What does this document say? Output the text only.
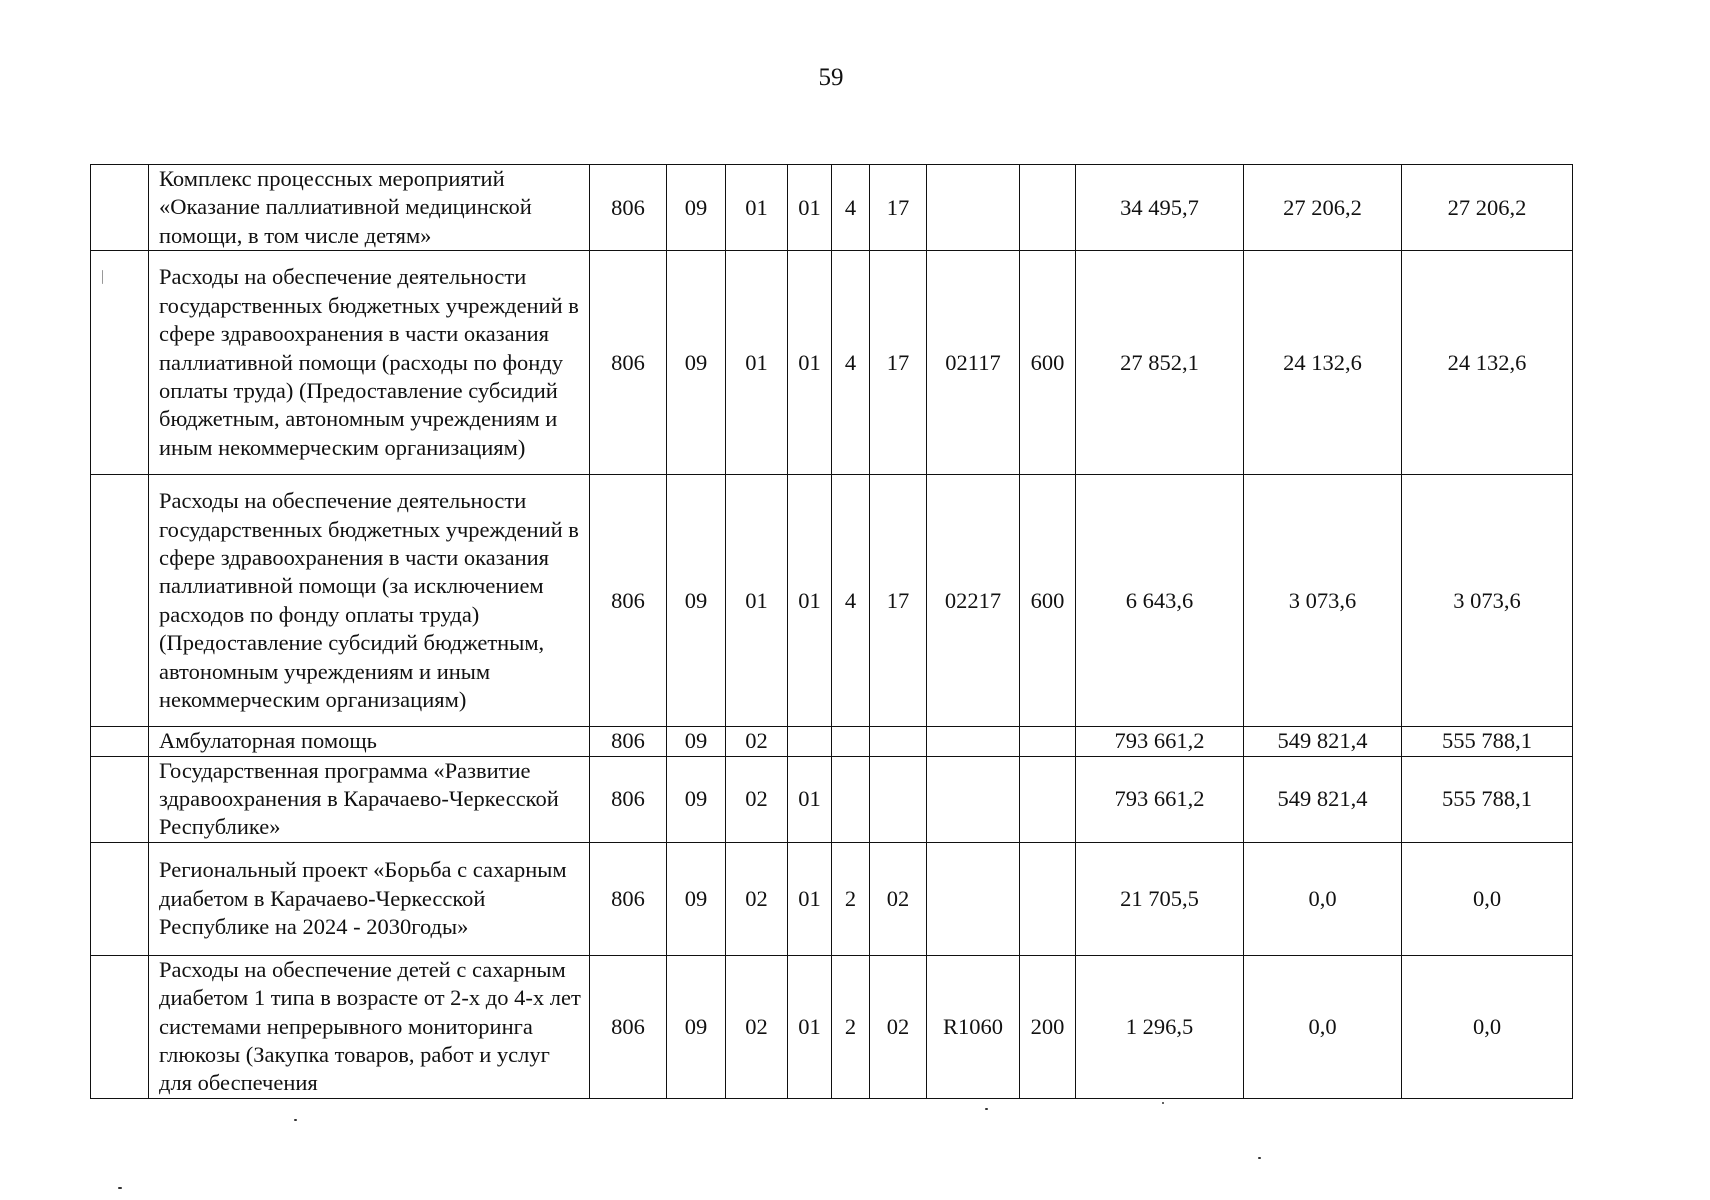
59
	Комплекс процессных мероприятий «Оказание паллиативной медицинской помощи, в том числе детям»	806	09	01	01	4	17			34 495,7	27 206,2	27 206,2
	Расходы на обеспечение деятельности государственных бюджетных учреждений в сфере здравоохранения в части оказания паллиативной помощи (расходы по фонду оплаты труда) (Предоставление субсидий бюджетным, автономным учреждениям и иным некоммерческим организациям)	806	09	01	01	4	17	02117	600	27 852,1	24 132,6	24 132,6
	Расходы на обеспечение деятельности государственных бюджетных учреждений в сфере здравоохранения в части оказания паллиативной помощи (за исключением расходов по фонду оплаты труда) (Предоставление субсидий бюджетным, автономным учреждениям и иным некоммерческим организациям)	806	09	01	01	4	17	02217	600	6 643,6	3 073,6	3 073,6
	Амбулаторная помощь	806	09	02						793 661,2	549 821,4	555 788,1
	Государственная программа «Развитие здравоохранения в Карачаево-Черкесской Республике»	806	09	02	01					793 661,2	549 821,4	555 788,1
	Региональный проект «Борьба с сахарным диабетом в Карачаево-Черкесской Республике на 2024 - 2030годы»	806	09	02	01	2	02			21 705,5	0,0	0,0
	Расходы на обеспечение детей с сахарным диабетом 1 типа в возрасте от 2-х до 4-х лет системами непрерывного мониторинга глюкозы (Закупка товаров, работ и услуг для обеспечения	806	09	02	01	2	02	R1060	200	1 296,5	0,0	0,0
